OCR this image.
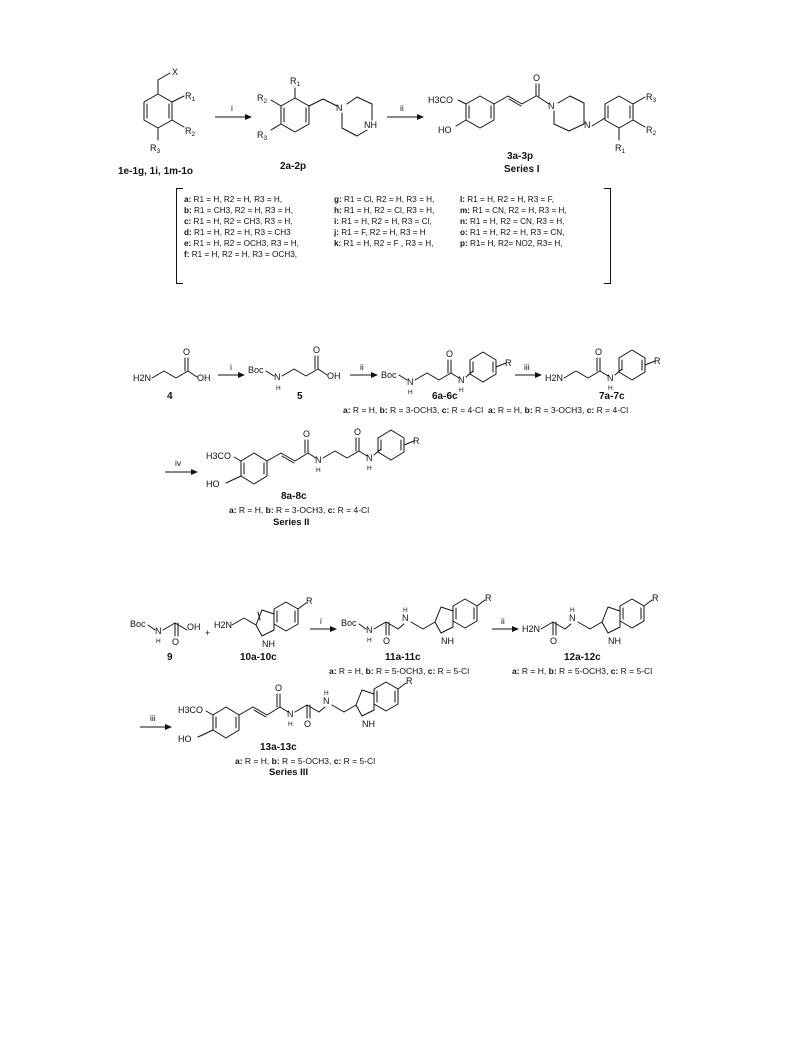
X
$R_1$
$R_2$
$R_3$
1e-1g, 1i, 1m-1o
i
$R_1$
$R_2$
$R_3$
N
NH
2a-2p
ii
H3CO
HO
O
N
N
$R_3$
$R_2$
$R_1$
3a-3p
Series I
H2N
O
OH
4
i Boc
N
H
O
OH
5
ii
Boc
N
H
O
N
H
R
6a-6c
iii
H2N
O
N
H
R
7a-7c
iv
H3CO
HO
O
N
H
O
N
H
R
8a-8c
Boc
N
H O
OH
9
+
H2N
R
NH
10a-10c
i Boc
N
H O
N
H
R
NH
11a-11c
ii
H2N
O
N
H
R
NH
12a-12c
iii
H3CO
HO
O
N
H O
N
H
R
NH
13a-13c
a: R1 = H, R2 = H, R3 = H,
b: R1 = CH3, R2 = H, R3 = H,
c: R1 = H, R2 = CH3, R3 = H,
d: R1 = H, R2 = H, R3 = CH3
e: R1 = H, R2 = OCH3, R3 = H,
f: R1 = H, R2 = H, R3 = OCH3,
g: R1 = Cl, R2 = H, R3 = H,
h: R1 = H, R2 = Cl, R3 = H,
i: R1 = H, R2 = H, R3 = Cl,
j: R1 = F, R2 = H, R3 = H
k: R1 = H, R2 = F , R3 = H,
l: R1 = H, R2 = H, R3 = F,
m: R1 = CN, R2 = H, R3 = H,
n: R1 = H, R2 = CN, R3 = H,
o: R1 = H, R2 = H, R3 = CN,
p: R1= H, R2= NO2, R3= H,
a: R = H, b: R = 3-OCH3, c: R = 4-Cl a: R = H, b: R = 3-OCH3, c: R = 4-Cl
a: R = H, b: R = 3-OCH3, c: R = 4-Cl
Series II
a: R = H, b: R = 5-OCH3, c: R = 5-Cl	a: R = H, b: R = 5-OCH3, c: R = 5-Cl
a: R = H, b: R = 5-OCH3, c: R = 5-Cl
Series III
